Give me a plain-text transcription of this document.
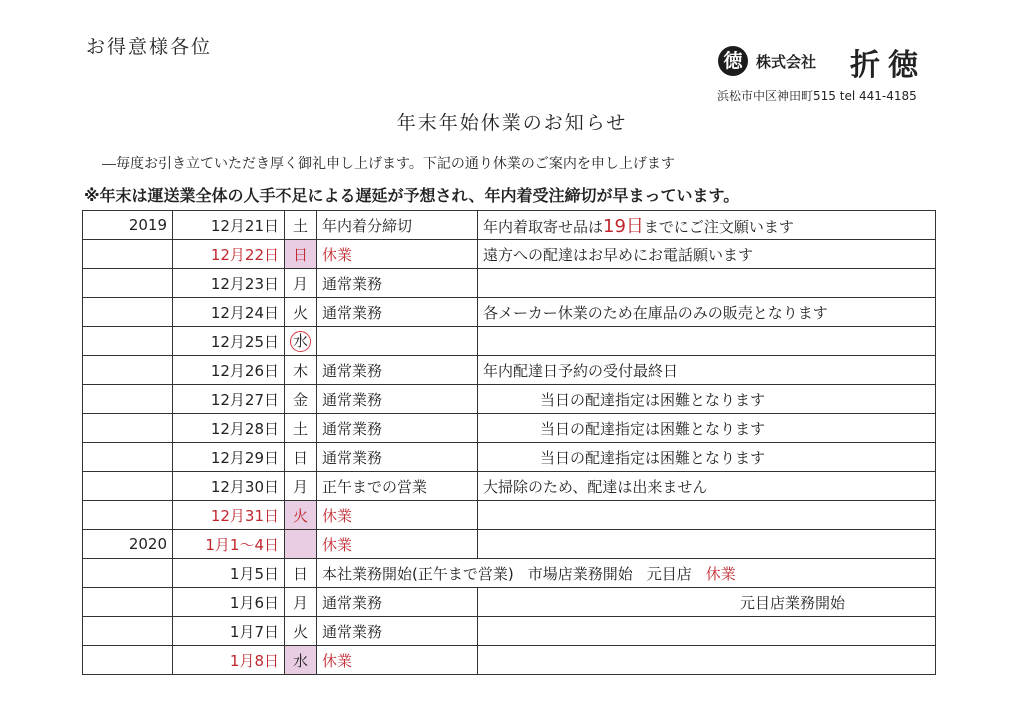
お得意様各位
徳 株式会社 折徳
浜松市中区神田町515 tel 441-4185
年末年始休業のお知らせ
毎度お引き立ていただき厚く御礼申し上げます。下記の通り休業のご案内を申し上げます
※年末は運送業全体の人手不足による遅延が予想され、年内着受注締切が早まっています。
2019	12月21日	土	年内着分締切	年内着取寄せ品は19日までにご注文願います
	12月22日	日	休業	遠方への配達はお早めにお電話願います
	12月23日	月	通常業務	
	12月24日	火	通常業務	各メーカー休業のため在庫品のみの販売となります
	12月25日	水		
	12月26日	木	通常業務	年内配達日予約の受付最終日
	12月27日	金	通常業務	当日の配達指定は困難となります
	12月28日	土	通常業務	当日の配達指定は困難となります
	12月29日	日	通常業務	当日の配達指定は困難となります
	12月30日	月	正午までの営業	大掃除のため、配達は出来ません
	12月31日	火	休業	
2020	1月1～4日		休業	
	1月5日	日	本社業務開始(正午まで営業) 市場店業務開始 元目店 休業	
	1月6日	月	通常業務	元目店業務開始
	1月7日	火	通常業務	
	1月8日	水	休業	
